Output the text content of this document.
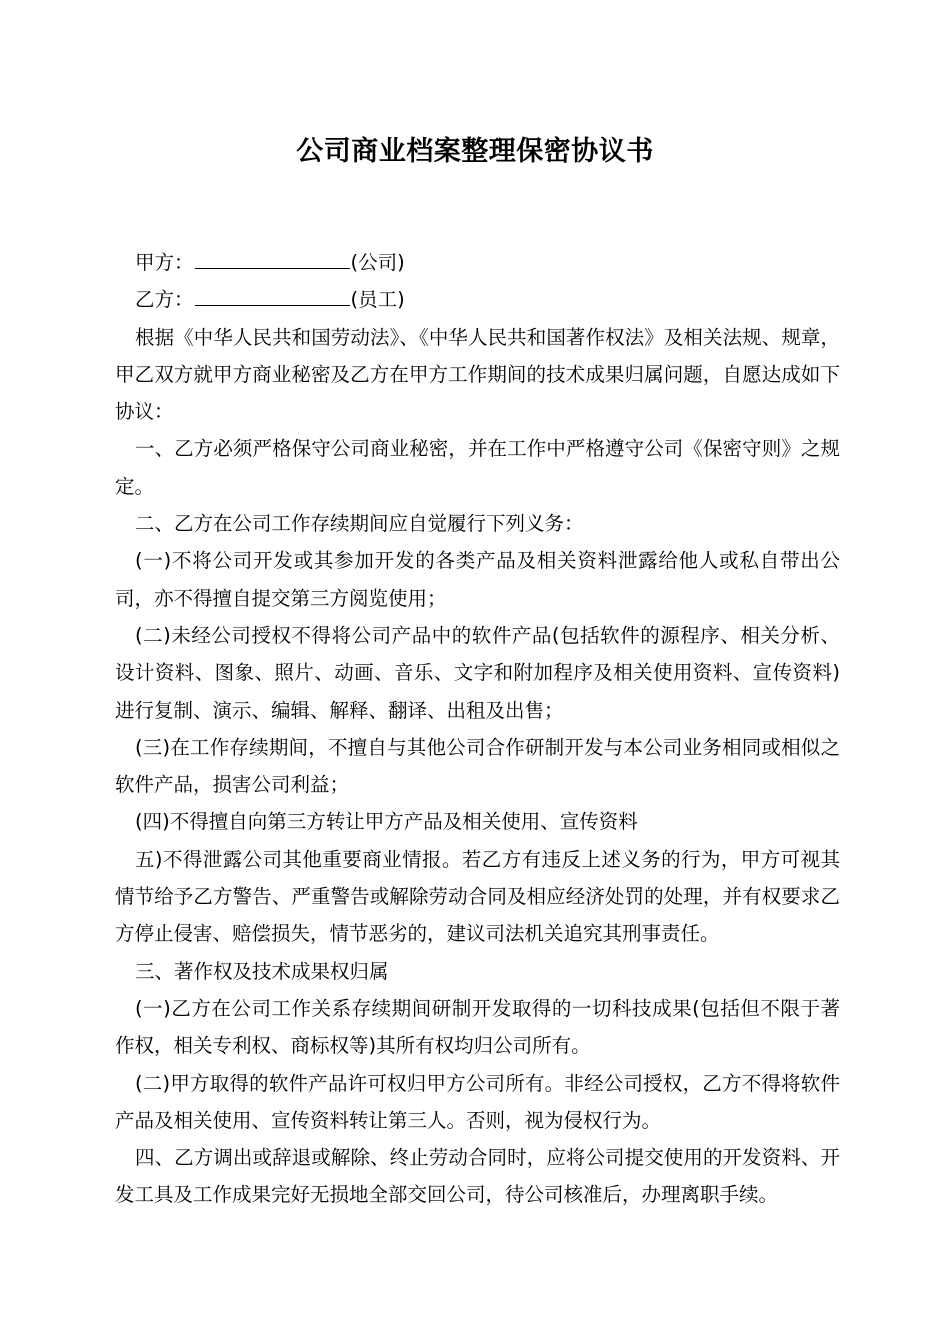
公司商业档案整理保密协议书

甲方：	(公司)

乙方：	(员工)

根据《中华人民共和国劳动法》、《中华人民共和国著作权法》及相关法规、规章，甲乙双方就甲方商业秘密及乙方在甲方工作期间的技术成果归属问题，自愿达成如下协议：

一、乙方必须严格保守公司商业秘密，并在工作中严格遵守公司《保密守则》之规定。

二、乙方在公司工作存续期间应自觉履行下列义务：

(一)不将公司开发或其参加开发的各类产品及相关资料泄露给他人或私自带出公司，亦不得擅自提交第三方阅览使用；

(二)未经公司授权不得将公司产品中的软件产品(包括软件的源程序、相关分析、设计资料、图象、照片、动画、音乐、文字和附加程序及相关使用资料、宣传资料)进行复制、演示、编辑、解释、翻译、出租及出售；

(三)在工作存续期间，不擅自与其他公司合作研制开发与本公司业务相同或相似之软件产品，损害公司利益；

(四)不得擅自向第三方转让甲方产品及相关使用、宣传资料

五)不得泄露公司其他重要商业情报。若乙方有违反上述义务的行为，甲方可视其情节给予乙方警告、严重警告或解除劳动合同及相应经济处罚的处理，并有权要求乙方停止侵害、赔偿损失，情节恶劣的，建议司法机关追究其刑事责任。

三、著作权及技术成果权归属

(一)乙方在公司工作关系存续期间研制开发取得的一切科技成果(包括但不限于著作权，相关专利权、商标权等)其所有权均归公司所有。

(二)甲方取得的软件产品许可权归甲方公司所有。非经公司授权，乙方不得将软件产品及相关使用、宣传资料转让第三人。否则，视为侵权行为。

四、乙方调出或辞退或解除、终止劳动合同时，应将公司提交使用的开发资料、开发工具及工作成果完好无损地全部交回公司，待公司核准后，办理离职手续。
